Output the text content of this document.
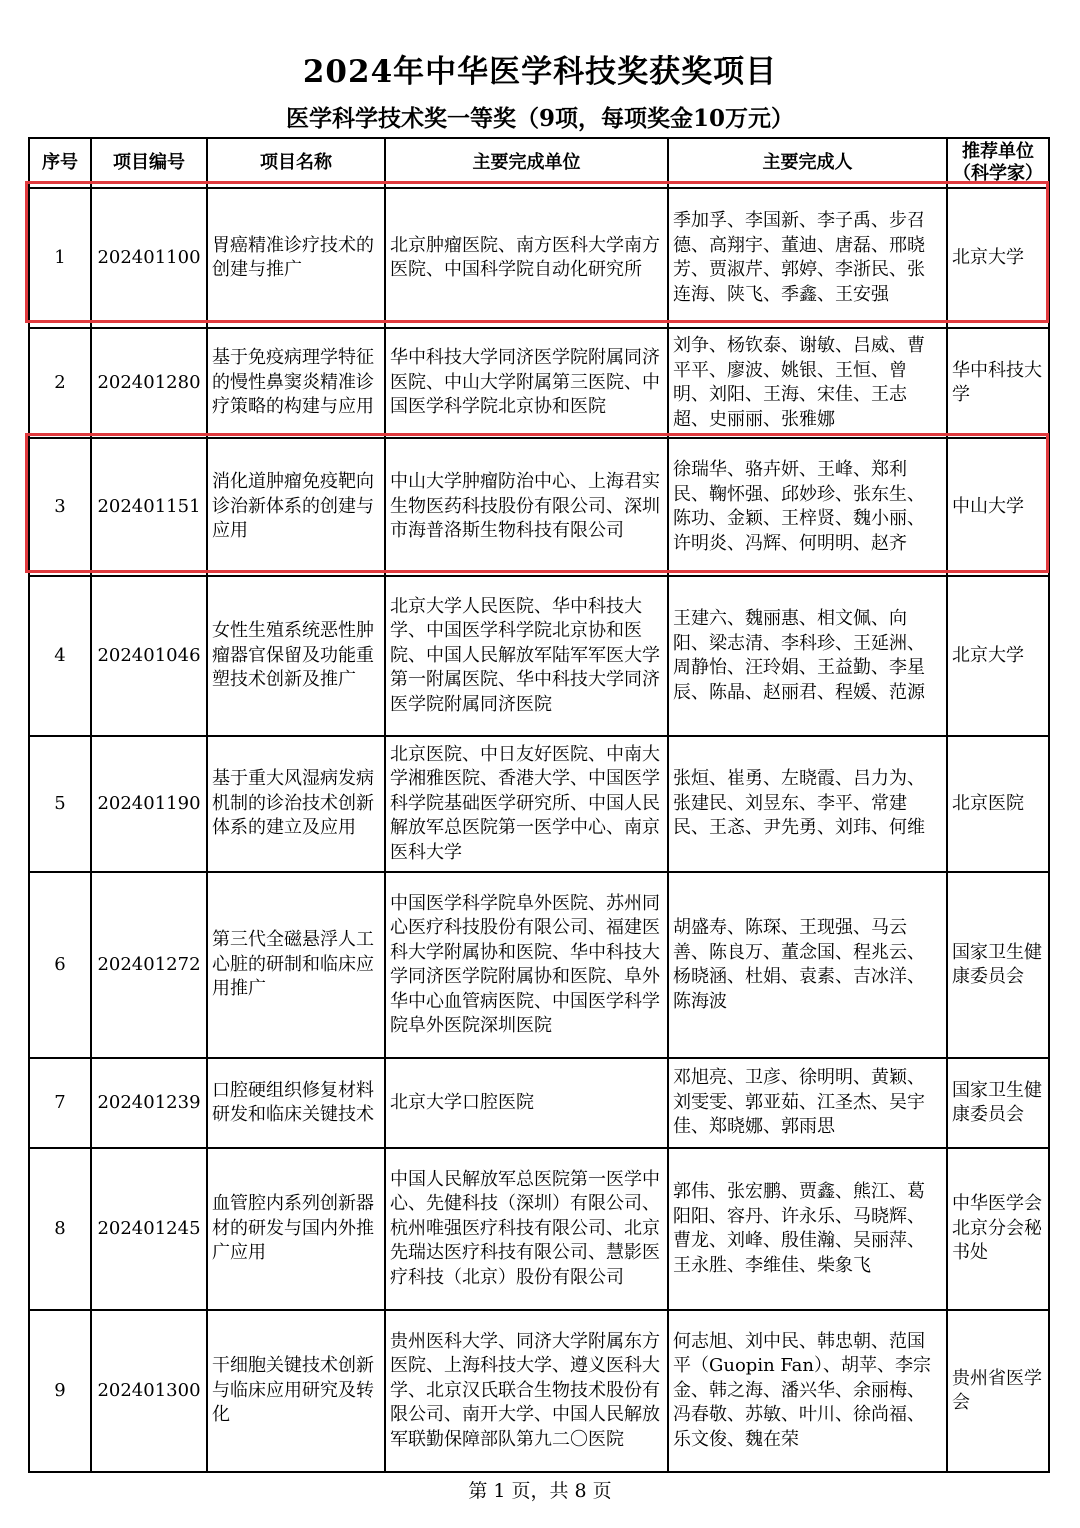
2024年中华医学科技奖获奖项目
医学科学技术奖一等奖（9项，每项奖金10万元）
序号	项目编号	项目名称	主要完成单位	主要完成人	推荐单位（科学家）
1	202401100	胃癌精准诊疗技术的创建与推广	北京肿瘤医院、南方医科大学南方医院、中国科学院自动化研究所	季加孚、李国新、李子禹、步召德、高翔宇、董迪、唐磊、邢晓芳、贾淑芹、郭婷、李浙民、张连海、陕飞、季鑫、王安强	北京大学
2	202401280	基于免疫病理学特征的慢性鼻窦炎精准诊疗策略的构建与应用	华中科技大学同济医学院附属同济医院、中山大学附属第三医院、中国医学科学院北京协和医院	刘争、杨钦泰、谢敏、吕威、曹平平、廖波、姚银、王恒、曾明、刘阳、王海、宋佳、王志超、史丽丽、张雅娜	华中科技大学
3	202401151	消化道肿瘤免疫靶向诊治新体系的创建与应用	中山大学肿瘤防治中心、上海君实生物医药科技股份有限公司、深圳市海普洛斯生物科技有限公司	徐瑞华、骆卉妍、王峰、郑利民、鞠怀强、邱妙珍、张东生、陈功、金颖、王梓贤、魏小丽、许明炎、冯辉、何明明、赵齐	中山大学
4	202401046	女性生殖系统恶性肿瘤器官保留及功能重塑技术创新及推广	北京大学人民医院、华中科技大学、中国医学科学院北京协和医院、中国人民解放军陆军军医大学第一附属医院、华中科技大学同济医学院附属同济医院	王建六、魏丽惠、相文佩、向阳、梁志清、李科珍、王延洲、周静怡、汪玲娟、王益勤、李星辰、陈晶、赵丽君、程媛、范源	北京大学
5	202401190	基于重大风湿病发病机制的诊治技术创新体系的建立及应用	北京医院、中日友好医院、中南大学湘雅医院、香港大学、中国医学科学院基础医学研究所、中国人民解放军总医院第一医学中心、南京医科大学	张烜、崔勇、左晓霞、吕力为、张建民、刘昱东、李平、常建民、王忞、尹先勇、刘玮、何维	北京医院
6	202401272	第三代全磁悬浮人工心脏的研制和临床应用推广	中国医学科学院阜外医院、苏州同心医疗科技股份有限公司、福建医科大学附属协和医院、华中科技大学同济医学院附属协和医院、阜外华中心血管病医院、中国医学科学院阜外医院深圳医院	胡盛寿、陈琛、王现强、马云善、陈良万、董念国、程兆云、杨晓涵、杜娟、袁素、吉冰洋、陈海波	国家卫生健康委员会
7	202401239	口腔硬组织修复材料研发和临床关键技术	北京大学口腔医院	邓旭亮、卫彦、徐明明、黄颖、刘雯雯、郭亚茹、江圣杰、吴宇佳、郑晓娜、郭雨思	国家卫生健康委员会
8	202401245	血管腔内系列创新器材的研发与国内外推广应用	中国人民解放军总医院第一医学中心、先健科技（深圳）有限公司、杭州唯强医疗科技有限公司、北京先瑞达医疗科技有限公司、慧影医疗科技（北京）股份有限公司	郭伟、张宏鹏、贾鑫、熊江、葛阳阳、容丹、许永乐、马晓辉、曹龙、刘峰、殷佳瀚、吴丽萍、王永胜、李维佳、柴象飞	中华医学会北京分会秘书处
9	202401300	干细胞关键技术创新与临床应用研究及转化	贵州医科大学、同济大学附属东方医院、上海科技大学、遵义医科大学、北京汉氏联合生物技术股份有限公司、南开大学、中国人民解放军联勤保障部队第九二〇医院	何志旭、刘中民、韩忠朝、范国平（Guopin Fan）、胡苹、李宗金、韩之海、潘兴华、余丽梅、冯春敬、苏敏、叶川、徐尚福、乐文俊、魏在荣	贵州省医学会
第 1 页，共 8 页
